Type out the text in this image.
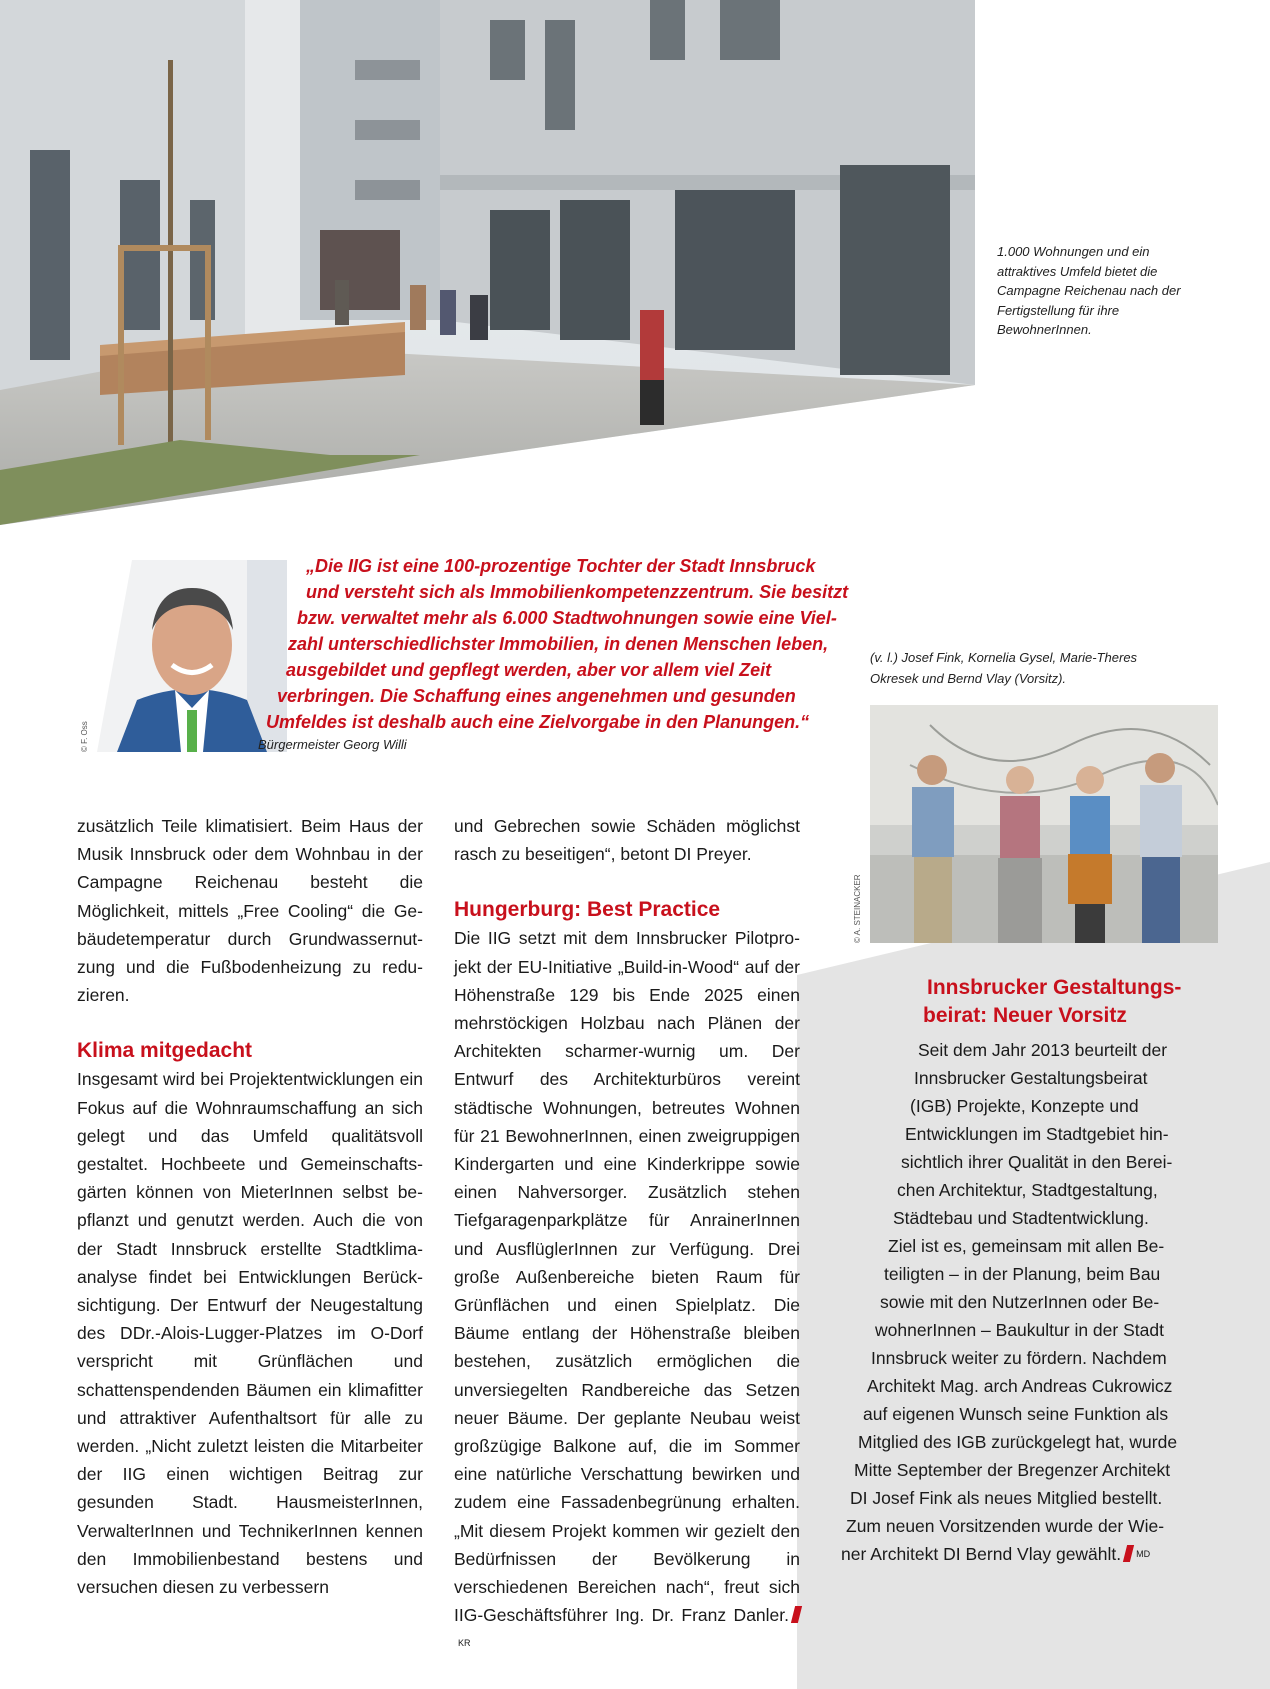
1.000 Wohnungen und ein attraktives Umfeld bietet die Campagne Reichenau nach der Fertigstellung für ihre BewohnerInnen.
© F. Oss
„Die IIG ist eine 100-prozentige Tochter der Stadt Innsbruck
und versteht sich als Immobilienkompetenzzentrum. Sie besitzt
bzw. verwaltet mehr als 6.000 Stadtwohnungen sowie eine Viel-
zahl unterschiedlichster Immobilien, in denen Menschen leben,
ausgebildet und gepflegt werden, aber vor allem viel Zeit
verbringen. Die Schaffung eines angenehmen und gesunden
Umfeldes ist deshalb auch eine Zielvorgabe in den Planungen.“
Bürgermeister Georg Willi
(v. l.) Josef Fink, Kornelia Gysel, Marie-Theres Okresek und Bernd Vlay (Vorsitz).
© A. STEINACKER
Innsbrucker Gestaltungs-
beirat: Neuer Vorsitz
Seit dem Jahr 2013 beurteilt der
Innsbrucker Gestaltungsbeirat
(IGB) Projekte, Konzepte und
Entwicklungen im Stadtgebiet hin-
sichtlich ihrer Qualität in den Berei-
chen Architektur, Stadtgestaltung,
Städtebau und Stadtentwicklung.
Ziel ist es, gemeinsam mit allen Be-
teiligten – in der Planung, beim Bau
sowie mit den NutzerInnen oder Be-
wohnerInnen – Baukultur in der Stadt
Innsbruck weiter zu fördern. Nachdem
Architekt Mag. arch Andreas Cukrowicz
auf eigenen Wunsch seine Funktion als
Mitglied des IGB zurückgelegt hat, wurde
Mitte September der Bregenzer Architekt
DI Josef Fink als neues Mitglied bestellt.
Zum neuen Vorsitzenden wurde der Wie-
ner Architekt DI Bernd Vlay gewählt. $^{MD}$

zusätzlich Teile klimatisiert. Beim Haus der Musik Innsbruck oder dem Wohnbau in der Campagne Reichenau besteht die Möglichkeit, mittels „Free Cooling“ die Gebäudetemperatur durch Grundwassernutzung und die Fußbodenheizung zu reduzieren.

Klima mitgedacht

Insgesamt wird bei Projektentwicklungen ein Fokus auf die Wohnraumschaffung an sich gelegt und das Umfeld qualitätsvoll gestaltet. Hochbeete und Gemeinschaftsgärten können von MieterInnen selbst bepflanzt und genutzt werden. Auch die von der Stadt Innsbruck erstellte Stadtklimaanalyse findet bei Entwicklungen Berücksichtigung. Der Entwurf der Neugestaltung des DDr.-Alois-Lugger-Platzes im O-Dorf verspricht mit Grünflächen und schattenspendenden Bäumen ein klimafitter und attraktiver Aufenthaltsort für alle zu werden. „Nicht zuletzt leisten die Mitarbeiter der IIG einen wichtigen Beitrag zur gesunden Stadt. HausmeisterInnen, VerwalterInnen und TechnikerInnen kennen den Immobilienbestand bestens und versuchen diesen zu verbessern

und Gebrechen sowie Schäden möglichst rasch zu beseitigen“, betont DI Preyer.

Hungerburg: Best Practice

Die IIG setzt mit dem Innsbrucker Pilotprojekt der EU-Initiative „Build-in-Wood“ auf der Höhenstraße 129 bis Ende 2025 einen mehrstöckigen Holzbau nach Plänen der Architekten scharmer-wurnig um. Der Entwurf des Architekturbüros vereint städtische Wohnungen, betreutes Wohnen für 21 BewohnerInnen, einen zweigruppigen Kindergarten und eine Kinderkrippe sowie einen Nahversorger. Zusätzlich stehen Tiefgaragenparkplätze für AnrainerInnen und AusflüglerInnen zur Verfügung. Drei große Außenbereiche bieten Raum für Grünflächen und einen Spielplatz. Die Bäume entlang der Höhenstraße bleiben bestehen, zusätzlich ermöglichen die unversiegelten Randbereiche das Setzen neuer Bäume. Der geplante Neubau weist großzügige Balkone auf, die im Sommer eine natürliche Verschattung bewirken und zudem eine Fassadenbegrünung erhalten. „Mit diesem Projekt kommen wir gezielt den Bedürfnissen der Bevölkerung in verschiedenen Bereichen nach“, freut sich IIG-Geschäftsführer Ing. Dr. Franz Danler.$^{KR}$
